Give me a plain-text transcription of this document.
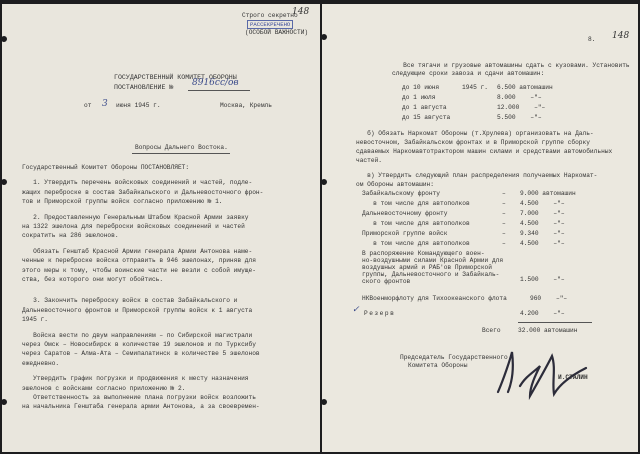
Строго секретно
148
РАССЕКРЕЧЕНО
(ОСОБОЙ ВАЖНОСТИ)
ГОСУДАРСТВЕННЫЙ КОМИТЕТ ОБОРОНЫ
ПОСТАНОВЛЕНИЕ № 8916сс/ов
от 3 июня 1945 г.	Москва, Кремль
Вопросы Дальнего Востока.
Государственный Комитет Обороны ПОСТАНОВЛЯЕТ:
1. Утвердить перечень войсковых соединений и частей, подле-
жащих переброске в состав Забайкальского и Дальневосточного фрон-
тов и Приморской группы войск согласно приложению № 1.
2. Предоставленную Генеральным Штабом Красной Армии заявку
на 1322 эшелона для переброски войсковых соединений и частей
сократить на 286 эшелонов.
Обязать Генштаб Красной Армии генерала Армии Антонова наме-
ченные к переброске войска отправить в 946 эшелонах, приняв для
этого меры к тому, чтобы воинские части не везли с собой имуще-
ства, без которого они могут обойтись.
3. Закончить переброску войск в состав Забайкальского и
Дальневосточного фронтов и Приморской группы войск к 1 августа
1945 г.
Войска вести по двум направлениям – по Сибирской магистрали
через Омск – Новосибирск в количестве 19 эшелонов и по Турксибу
через Саратов – Алма-Ата – Семипалатинск в количестве 5 эшелонов
ежедневно.
Утвердить график погрузки и продвижения к месту назначения
эшелонов с войсками согласно приложению № 2.
Ответственность за выполнение плана погрузки войск возложить
на начальника Генштаба генерала армии Антонова, а за своевремен-
8. 148
Все тягачи и грузовые автомашины сдать с кузовами. Установить
следующие сроки завоза и сдачи автомашин:
до 10 июня	1945 г. 6.500 автомашин
до 1 июля	8.000    –"–
до 1 августа	12.000    –"–
до 15 августа	5.500    –"–
б) Обязать Наркомат Обороны (т.Хрулева) организовать на Даль-
невосточном, Забайкальском фронтах и в Приморской группе сборку
сдаваемых Наркомавтотрактором машин силами и средствами автомобильных
частей.
в) Утвердить следующий план распределения получаемых Наркомат-
ом Обороны автомашин:
Забайкальскому фронту	– 9.000 автомашин
в том числе для автополков	– 4.500    –"–
Дальневосточному фронту	– 7.000    –"–
в том числе для автополков	– 4.500    –"–
Приморской группе войск	– 9.340    –"–
в том числе для автополков	– 4.500    –"–
В распоряжение Командующего воен-
но-воздушными силами Красной Армии для
воздушных армий и РАБ'ов Приморской
группы, Дальневосточного и Забайкаль-
ского фронтов	1.500    –"–
НКВоенморфлоту для Тихоокеанского флота	960    –"–
✓ Резерв	4.200    –"–
Всего	32.000 автомашин
Председатель Государственного
Комитета Обороны
И.СТАЛИН
